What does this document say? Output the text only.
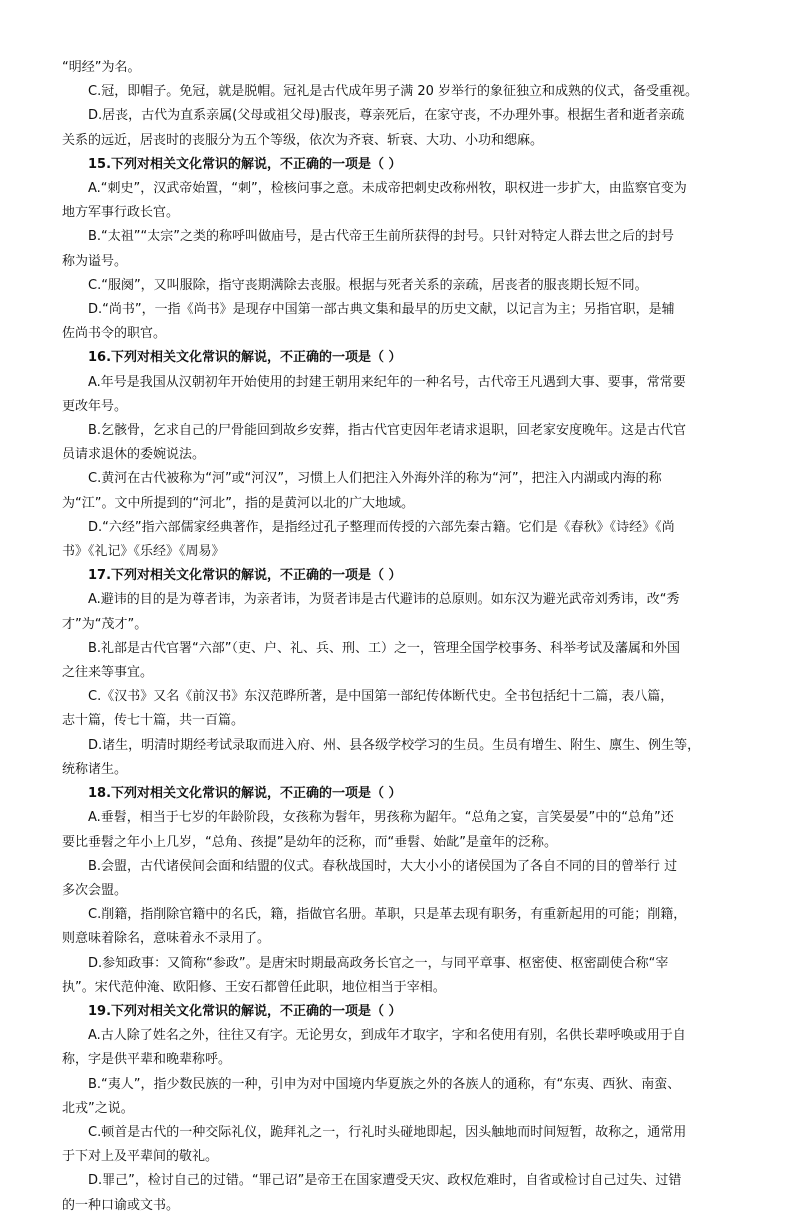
“明经”为名。

C.冠，即帽子。免冠，就是脱帽。冠礼是古代成年男子满 20 岁举行的象征独立和成熟的仪式，备受重视。

D.居丧，古代为直系亲属(父母或祖父母)服丧，尊亲死后，在家守丧，不办理外事。根据生者和逝者亲疏

关系的远近，居丧时的丧服分为五个等级，依次为齐衰、斩衰、大功、小功和缌麻。

15.下列对相关文化常识的解说，不正确的一项是（ ）

A.“刺史”，汉武帝始置，“刺”，检核问事之意。未成帝把刺史改称州牧，职权进一步扩大，由监察官变为

地方军事行政长官。

B.“太祖”“太宗”之类的称呼叫做庙号，是古代帝王生前所获得的封号。只针对特定人群去世之后的封号

称为谥号。

C.“服阕”，又叫服除，指守丧期满除去丧服。根据与死者关系的亲疏，居丧者的服丧期长短不同。

D.“尚书”，一指《尚书》是现存中国第一部古典文集和最早的历史文献，以记言为主；另指官职，是辅

佐尚书令的职官。

16.下列对相关文化常识的解说，不正确的一项是（ ）

A.年号是我国从汉朝初年开始使用的封建王朝用来纪年的一种名号，古代帝王凡遇到大事、要事，常常要

更改年号。

B.乞骸骨，乞求自己的尸骨能回到故乡安葬，指古代官吏因年老请求退职，回老家安度晚年。这是古代官

员请求退休的委婉说法。

C.黄河在古代被称为“河”或“河汉”，习惯上人们把注入外海外洋的称为“河”，把注入内湖或内海的称

为“江”。文中所提到的“河北”，指的是黄河以北的广大地域。

D.“六经”指六部儒家经典著作，是指经过孔子整理而传授的六部先秦古籍。它们是《春秋》《诗经》《尚

书》《礼记》《乐经》《周易》

17.下列对相关文化常识的解说，不正确的一项是（ ）

A.避讳的目的是为尊者讳，为亲者讳，为贤者讳是古代避讳的总原则。如东汉为避光武帝刘秀讳，改“秀

才”为“茂才”。

B.礼部是古代官署“六部”（吏、户、礼、兵、刑、工）之一，管理全国学校事务、科举考试及藩属和外国

之往来等事宜。

C.《汉书》又名《前汉书》东汉范晔所著，是中国第一部纪传体断代史。全书包括纪十二篇，表八篇，

志十篇，传七十篇，共一百篇。

D.诸生，明清时期经考试录取而进入府、州、县各级学校学习的生员。生员有增生、附生、廪生、例生等，

统称诸生。

18.下列对相关文化常识的解说，不正确的一项是（ ）

A.垂髫，相当于七岁的年龄阶段，女孩称为髫年，男孩称为龆年。“总角之宴，言笑晏晏”中的“总角”还

要比垂髫之年小上几岁，“总角、孩提”是幼年的泛称，而“垂髫、始龀”是童年的泛称。

B.会盟，古代诸侯间会面和结盟的仪式。春秋战国时，大大小小的诸侯国为了各自不同的目的曾举行 过

多次会盟。

C.削籍，指削除官籍中的名氏，籍，指做官名册。革职，只是革去现有职务，有重新起用的可能；削籍，

则意味着除名，意味着永不录用了。

D.参知政事：又简称“参政”。是唐宋时期最高政务长官之一，与同平章事、枢密使、枢密副使合称“宰

执”。宋代范仲淹、欧阳修、王安石都曾任此职，地位相当于宰相。

19.下列对相关文化常识的解说，不正确的一项是（ ）

A.古人除了姓名之外，往往又有字。无论男女，到成年才取字，字和名使用有别，名供长辈呼唤或用于自

称，字是供平辈和晚辈称呼。

B.“夷人”，指少数民族的一种，引申为对中国境内华夏族之外的各族人的通称，有“东夷、西狄、南蛮、

北戎”之说。

C.顿首是古代的一种交际礼仪，跪拜礼之一，行礼时头碰地即起，因头触地而时间短暂，故称之，通常用

于下对上及平辈间的敬礼。

D.罪己”，检讨自己的过错。“罪己诏”是帝王在国家遭受天灾、政权危难时，自省或检讨自己过失、过错

的一种口谕或文书。
